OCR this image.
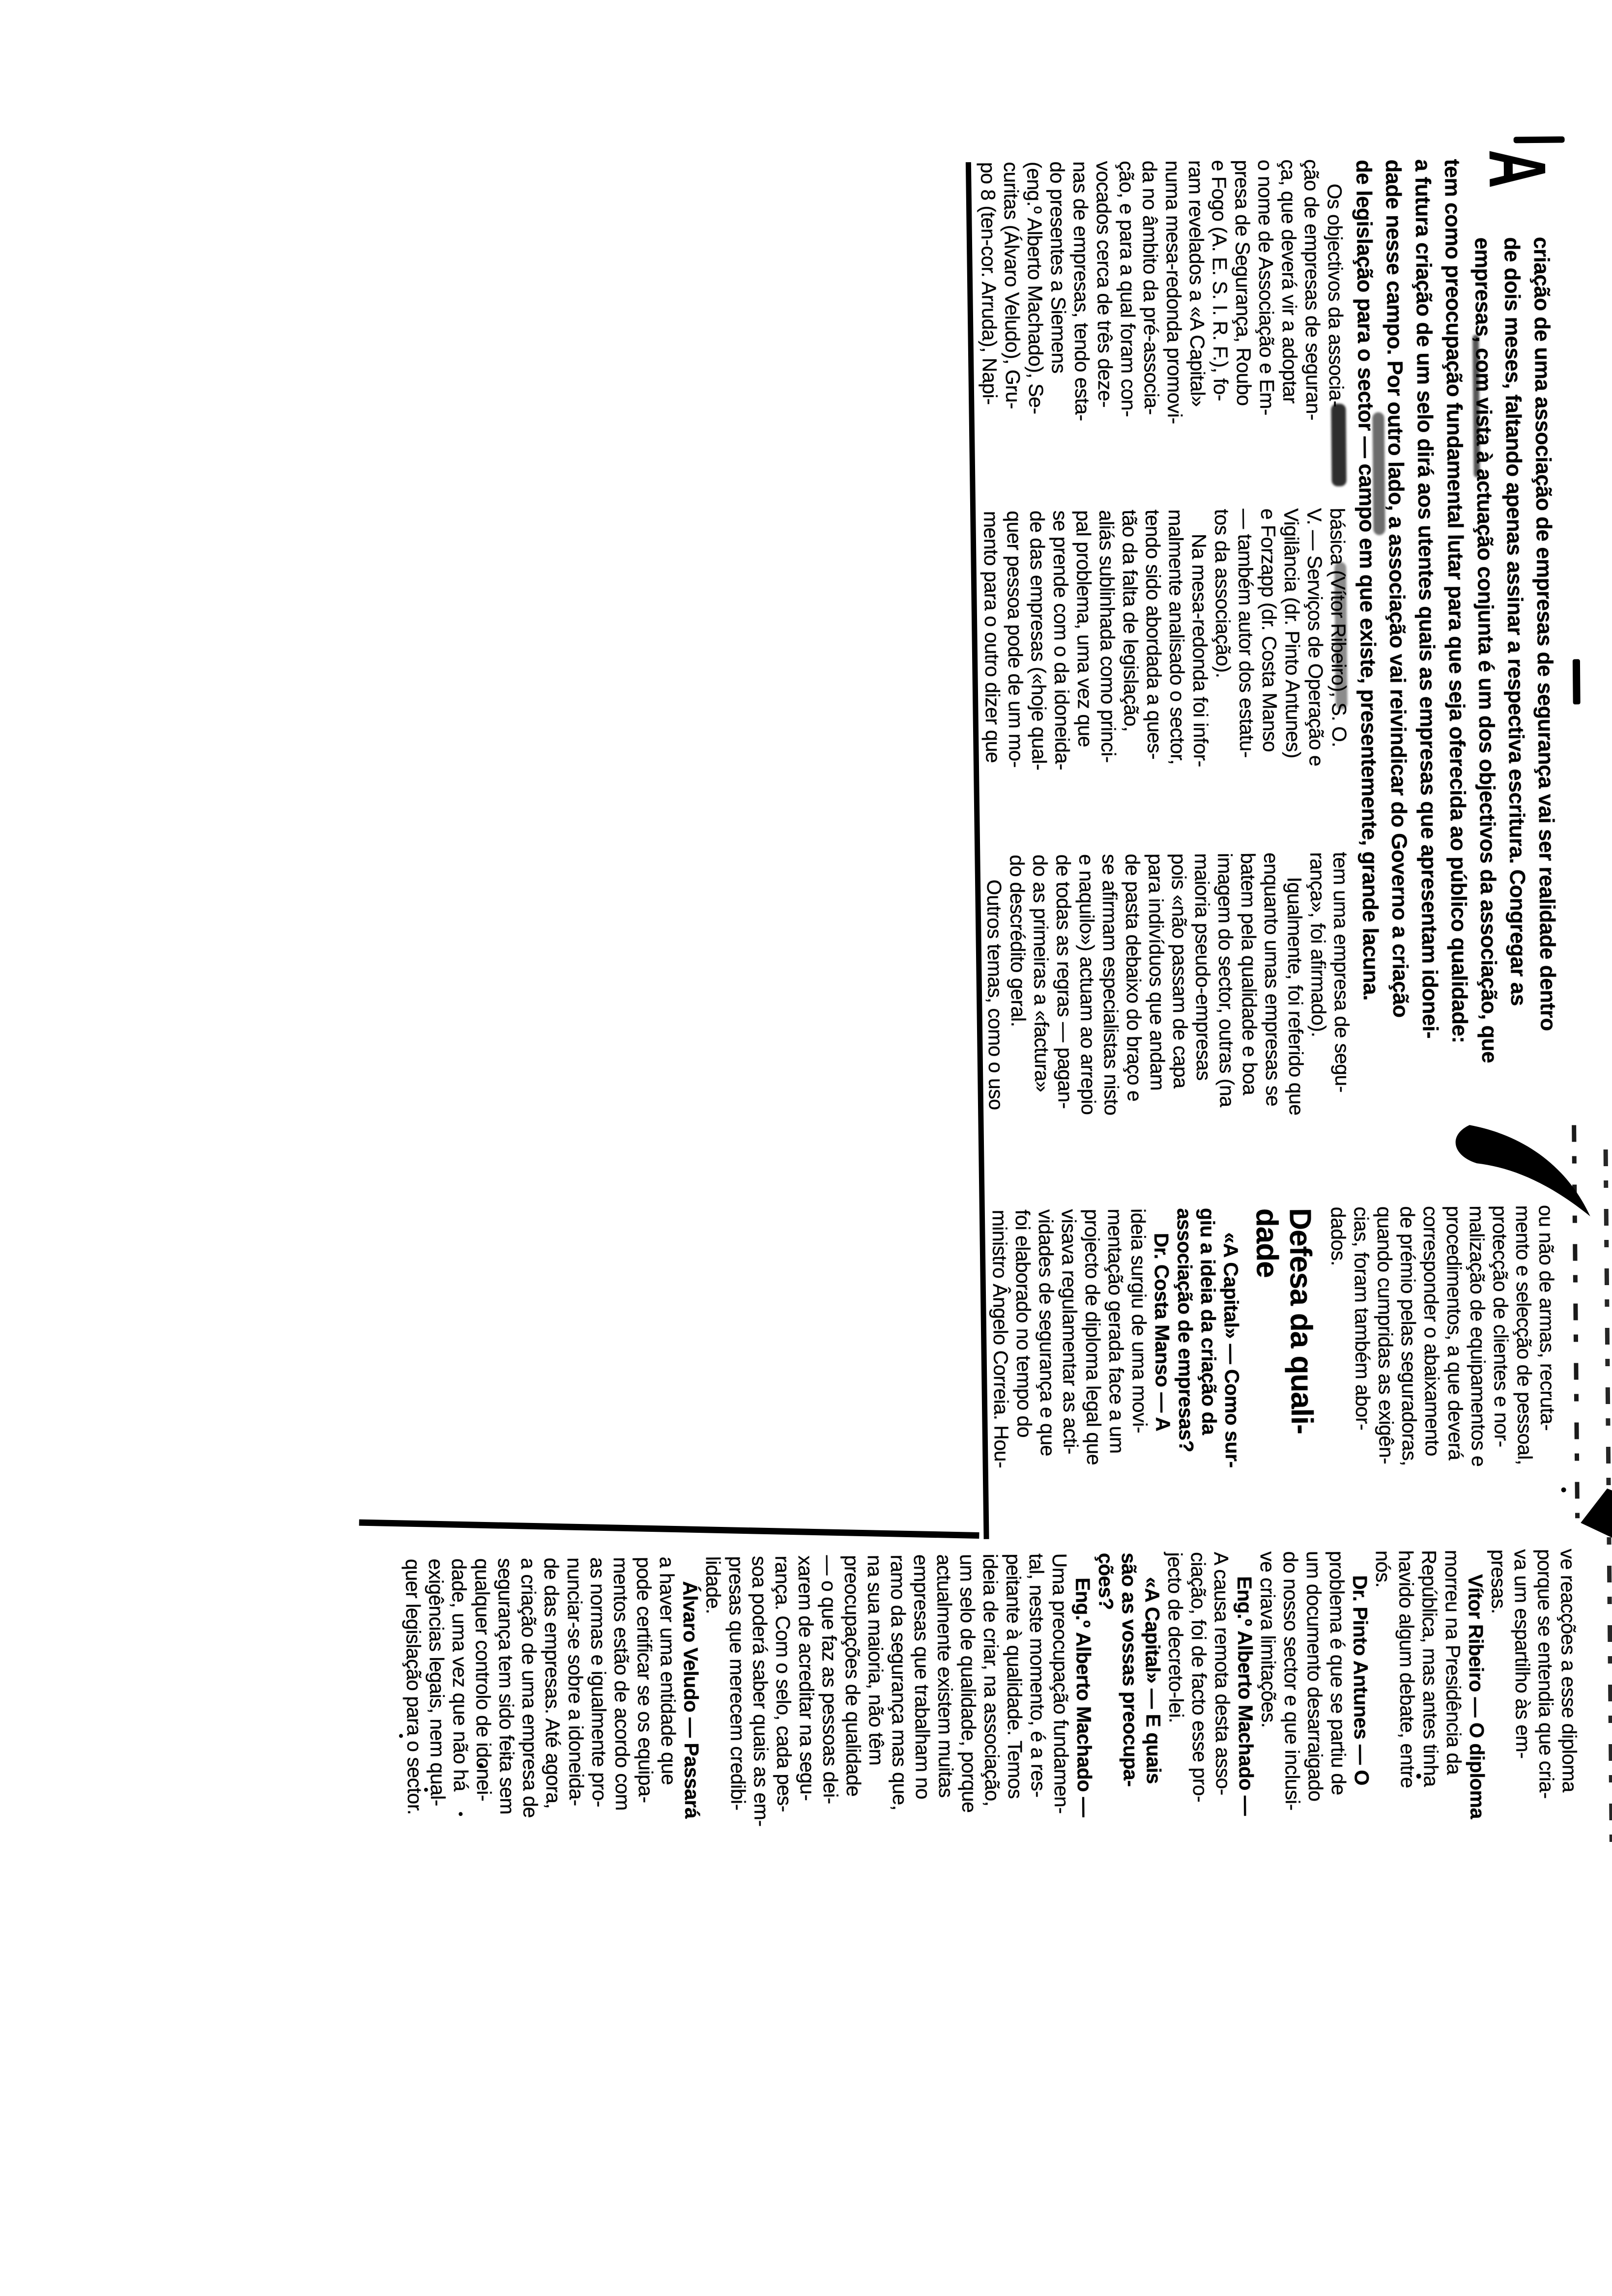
A
criação de uma associação de empresas de segurança vai ser realidade dentro
de dois meses, faltando apenas assinar a respectiva escritura. Congregar as
empresas, com vista à actuação conjunta é um dos objectivos da associação, que
tem como preocupação fundamental lutar para que seja oferecida ao público qualidade:
a futura criação de um selo dirá aos utentes quais as empresas que apresentam idonei-
dade nesse campo. Por outro lado, a associação vai reivindicar do Governo a criação
de legislação para o sector — campo em que existe, presentemente, grande lacuna.
Os objectivos da associa-
ção de empresas de seguran-
ça, que deverá vir a adoptar
o nome de Associação e Em-
presa de Segurança, Roubo
e Fogo (A. E. S. I. R. F.), fo-
ram revelados a «A Capital»
numa mesa-redonda promovi-
da no âmbito da pré-associa-
ção, e para a qual foram con-
vocados cerca de três deze-
nas de empresas, tendo esta-
do presentes a Siemens
(eng.º Alberto Machado), Se-
curitas (Álvaro Veludo), Gru-
po 8 (ten-cor. Arruda), Napi-
básica (Vítor Ribeiro), S. O.
V. — Serviços de Operação e
Vigilância (dr. Pinto Antunes)
e Forzapp (dr. Costa Manso
— também autor dos estatu-
tos da associação).
Na mesa-redonda foi infor-
malmente analisado o sector,
tendo sido abordada a ques-
tão da falta de legislação,
aliás sublinhada como princi-
pal problema, uma vez que
se prende com o da idoneida-
de das empresas («hoje qual-
quer pessoa pode de um mo-
mento para o outro dizer que
tem uma empresa de segu-
rança», foi afirmado).
Igualmente, foi referido que
enquanto umas empresas se
batem pela qualidade e boa
imagem do sector, outras (na
maioria pseudo-empresas
pois «não passam de capa
para indivíduos que andam
de pasta debaixo do braço e
se afirmam especialistas nisto
e naquilo») actuam ao arrepio
de todas as regras — pagan-
do as primeiras a «factura»
do descrédito geral.
Outros temas, como o uso
ou não de armas, recruta-
mento e selecção de pessoal,
protecção de clientes e nor-
malização de equipamentos e
procedimentos, a que deverá
corresponder o abaixamento
de prémio pelas seguradoras,
quando cumpridas as exigên-
cias, foram também abor-
dados.
Defesa da quali-
dade
«A Capital» — Como sur-
giu a ideia da criação da
associação de empresas?
Dr. Costa Manso — A
ideia surgiu de uma movi-
mentação gerada face a um
projecto de diploma legal que
visava regulamentar as acti-
vidades de segurança e que
foi elaborado no tempo do
ministro Ângelo Correia. Hou-
ve reacções a esse diploma
porque se entendia que cria-
va um espartilho às em-
presas.
Vítor Ribeiro — O diploma
morreu na Presidência da
República, mas antes tinha
havido algum debate, entre
nós.
Dr. Pinto Antunes — O
problema é que se partiu de
um documento desarraigado
do nosso sector e que inclusi-
ve criava limitações.
Eng.º Alberto Machado —
A causa remota desta asso-
ciação, foi de facto esse pro-
jecto de decreto-lei.
«A Capital» — E quais
são as vossas preocupa-
ções?
Eng.º Alberto Machado —
Uma preocupação fundamen-
tal, neste momento, é a res-
peitante à qualidade. Temos
ideia de criar, na associação,
um selo de qualidade, porque
actualmente existem muitas
empresas que trabalham no
ramo da segurança mas que,
na sua maioria, não têm
preocupações de qualidade
— o que faz as pessoas dei-
xarem de acreditar na segu-
rança. Com o selo, cada pes-
soa poderá saber quais as em-
presas que merecem credibi-
lidade.
Álvaro Veludo — Passará
a haver uma entidade que
pode certificar se os equipa-
mentos estão de acordo com
as normas e igualmente pro-
nunciar-se sobre a idoneida-
de das empresas. Até agora,
a criação de uma empresa de
segurança tem sido feita sem
qualquer controlo de idonei-
dade, uma vez que não há
exigências legais, nem qual-
quer legislação para o sector.
